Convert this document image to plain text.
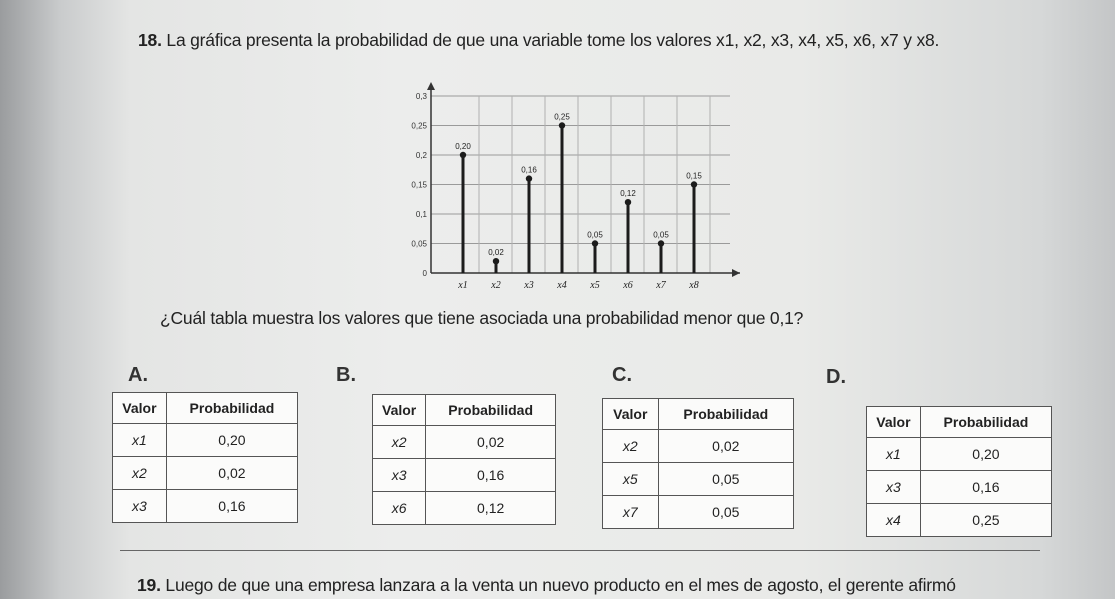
18. La gráfica presenta la probabilidad de que una variable tome los valores x1, x2, x3, x4, x5, x6, x7 y x8.
0
0,05
0,1
0,15
0,2
0,25
0,3
0,20
x1
0,02
x2
0,16
x3
0,25
x4
0,05
x5
0,12
x6
0,05
x7
0,15
x8
¿Cuál tabla muestra los valores que tiene asociada una probabilidad menor que 0,1?
A.	B.	C.	D.
Valor	Probabilidad
x1	0,20
x2	0,02
x3	0,16
Valor	Probabilidad
x2	0,02
x3	0,16
x6	0,12
Valor	Probabilidad
x2	0,02
x5	0,05
x7	0,05
Valor	Probabilidad
x1	0,20
x3	0,16
x4	0,25
19. Luego de que una empresa lanzara a la venta un nuevo producto en el mes de agosto, el gerente afirmó
